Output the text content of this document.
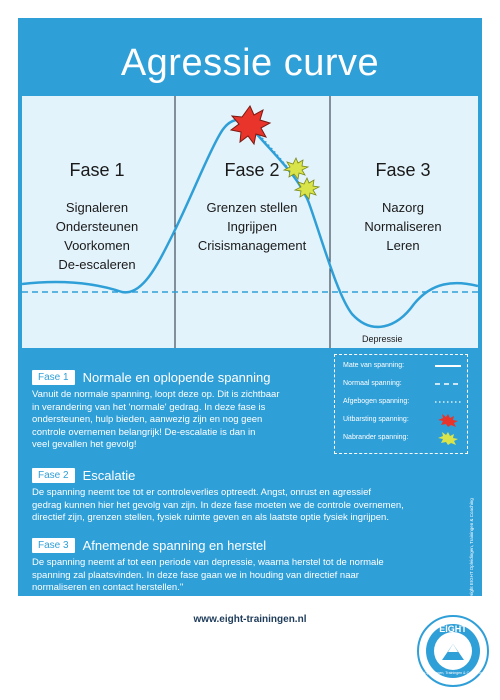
Agressie curve
Fase 1
Signaleren
Ondersteunen
Voorkomen
De-escaleren
Fase 2
Grenzen stellen
Ingrijpen
Crisismanagement
Fase 3
Nazorg
Normaliseren
Leren
Depressie
Fase 1	Normale en oplopende spanning
Vanuit de normale spanning, loopt deze op. Dit is zichtbaar
in verandering van het 'normale' gedrag. In deze fase is
ondersteunen, hulp bieden, aanwezig zijn en nog geen
controle overnemen belangrijk! De-escalatie is dan in
veel gevallen het gevolg!
Fase 2	Escalatie
De spanning neemt toe tot er controleverlies optreedt. Angst, onrust en agressief
gedrag kunnen hier het gevolg van zijn. In deze fase moeten we de controle overnemen,
directief zijn, grenzen stellen, fysiek ruimte geven en als laatste optie fysiek ingrijpen.
Fase 3	Afnemende spanning en herstel
De spanning neemt af tot een periode van depressie, waarna herstel tot de normale
spanning zal plaatsvinden. In deze fase gaan we in houding van directief naar
normaliseren en contact herstellen."
Mate van spanning:
Normaal spanning:
Afgebogen spanning:
Uitbarsting spanning:
Nabrander spanning:
©copyright EIGHT Opleidingen, Trainingen & Coaching
www.eight-trainingen.nl
EIGHT
Opleidingen, Trainingen & Coaching
